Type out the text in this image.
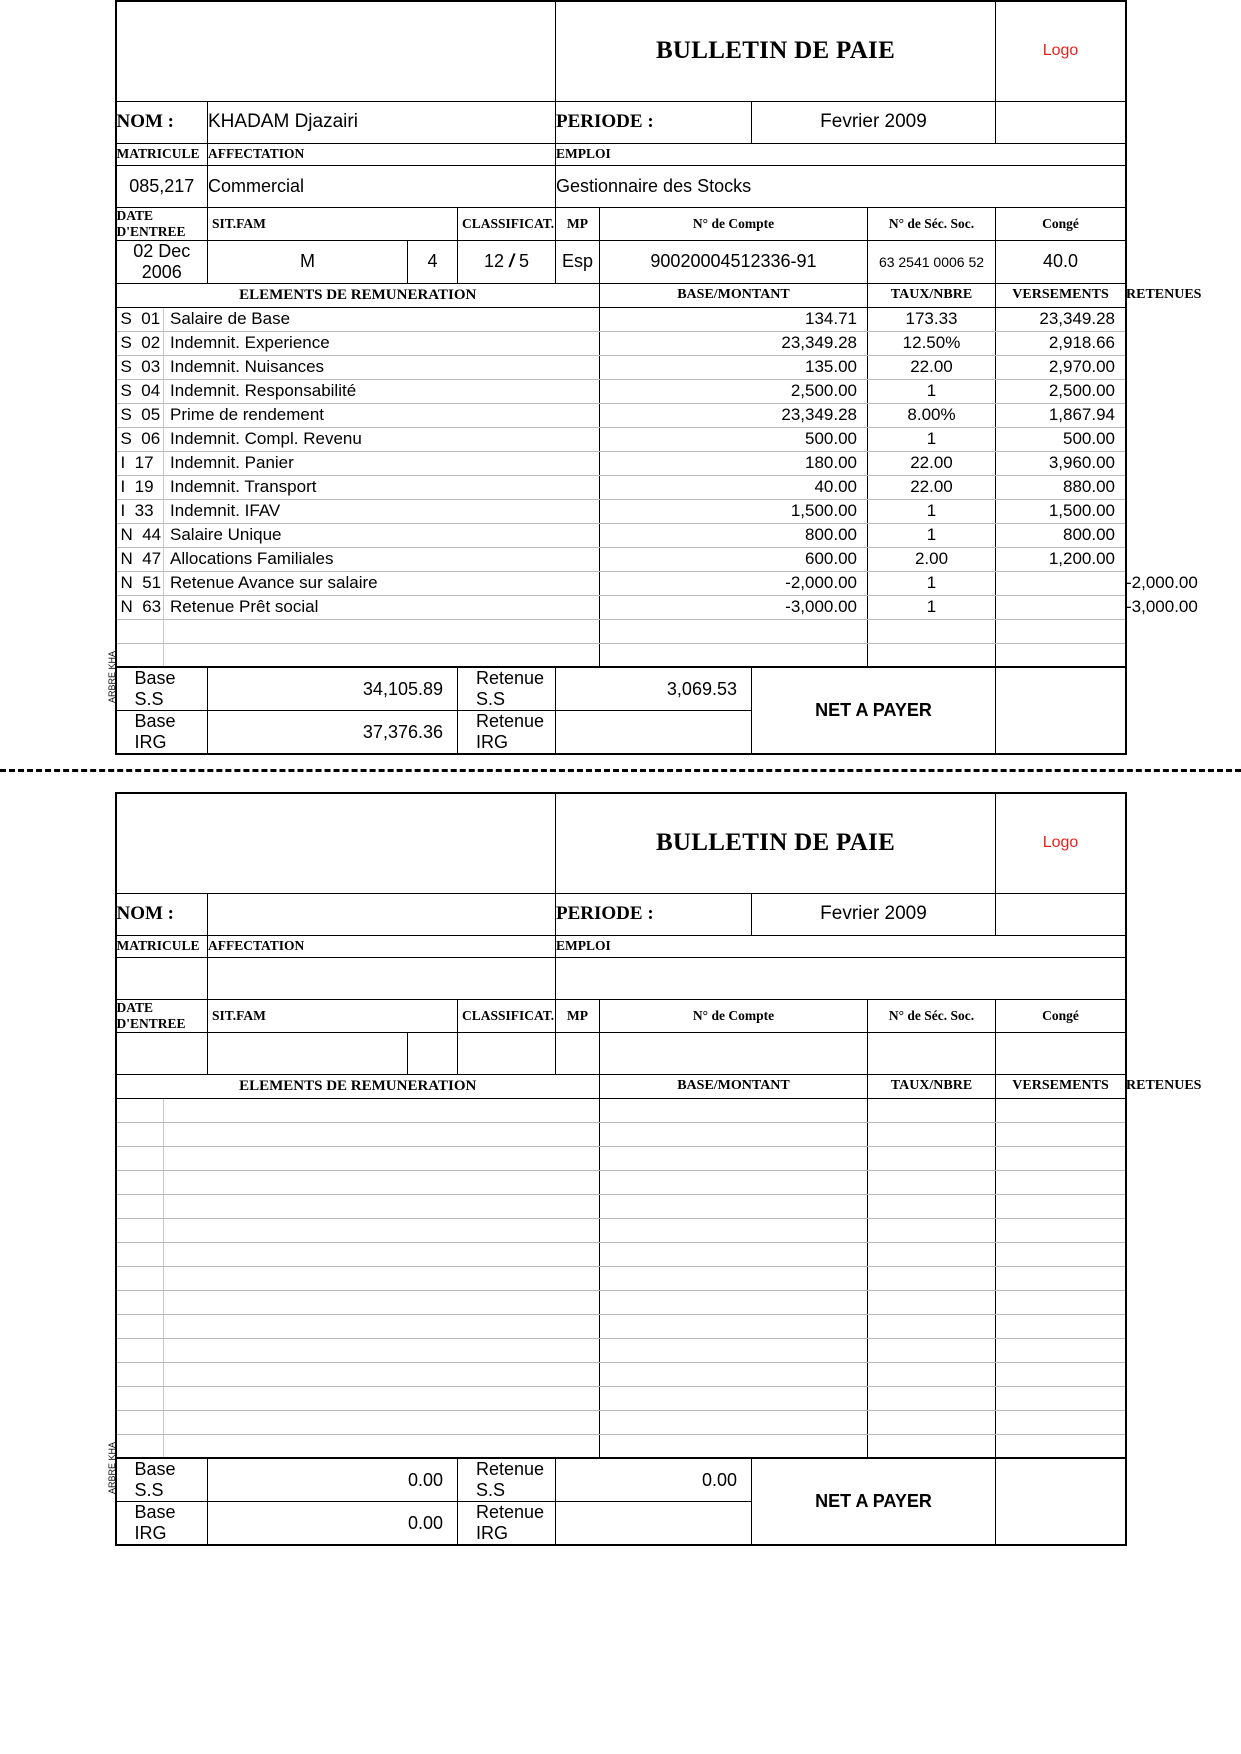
					BULLETIN DE PAIE				Logo	
NOM :		KHADAM Djazairi			PERIODE :		Fevrier 2009			
MATRICULE		AFFECTATION			EMPLOI					
085,217		Commercial			Gestionnaire des Stocks					
DATE D'ENTREE		SIT.FAM		CLASSIFICAT.	MP	N° de Compte		N° de Séc. Soc.	Congé	
02 Dec 2006		M	4	12 / 5	Esp	90020004512336-91		63 2541 0006 52	40.0	
ELEMENTS DE REMUNERATION						BASE/MONTANT		TAUX/NBRE	VERSEMENTS	RETENUES
S  01	Salaire de Base					134.71		173.33	23,349.28	
S  02	Indemnit. Experience					23,349.28		12.50%	2,918.66	
S  03	Indemnit. Nuisances					135.00		22.00	2,970.00	
S  04	Indemnit. Responsabilité					2,500.00		1	2,500.00	
S  05	Prime de rendement					23,349.28		8.00%	1,867.94	
S  06	Indemnit. Compl. Revenu					500.00		1	500.00	
I  17	Indemnit. Panier					180.00		22.00	3,960.00	
I  19	Indemnit. Transport					40.00		22.00	880.00	
I  33	Indemnit. IFAV					1,500.00		1	1,500.00	
N  44	Salaire Unique					800.00		1	800.00	
N  47	Allocations Familiales					600.00		2.00	1,200.00	
N  51	Retenue Avance sur salaire					-2,000.00		1		-2,000.00
N  63	Retenue Prêt social					-3,000.00		1		-3,000.00

Base S.S		34,105.89		Retenue S.S	3,069.53		NET A PAYER			
Base IRG		37,376.36		Retenue IRG						
ARBRE KHA
					BULLETIN DE PAIE				Logo	
NOM :					PERIODE :		Fevrier 2009			
MATRICULE		AFFECTATION			EMPLOI					

DATE D'ENTREE		SIT.FAM		CLASSIFICAT.	MP	N° de Compte		N° de Séc. Soc.	Congé	

ELEMENTS DE REMUNERATION						BASE/MONTANT		TAUX/NBRE	VERSEMENTS	RETENUES

Base S.S		0.00		Retenue S.S	0.00		NET A PAYER			
Base IRG		0.00		Retenue IRG						
ARBRE KHA
